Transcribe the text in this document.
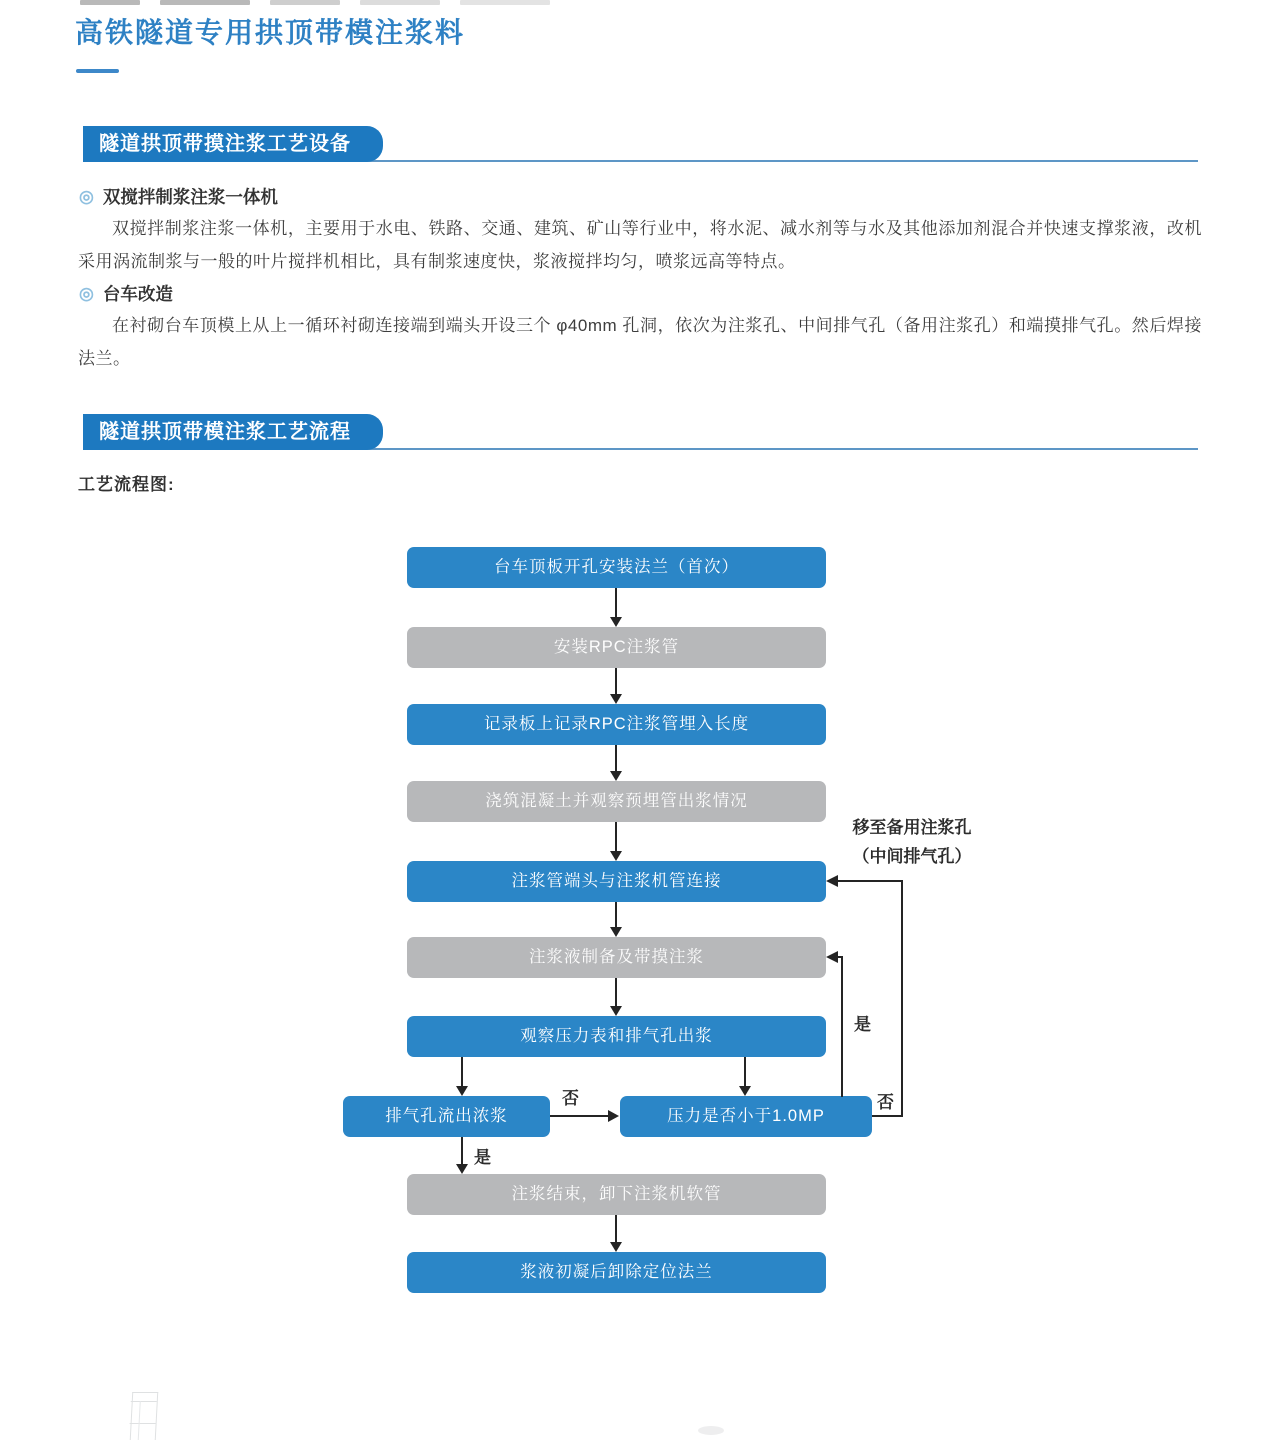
高铁隧道专用拱顶带模注浆料
隧道拱顶带摸注浆工艺设备
◎ 双搅拌制浆注浆一体机
双搅拌制浆注浆一体机，主要用于水电、铁路、交通、建筑、矿山等行业中，将水泥、减水剂等与水及其他添加剂混合并快速支撑浆液，改机采用涡流制浆与一般的叶片搅拌机相比，具有制浆速度快，浆液搅拌均匀，喷浆远高等特点。
◎ 台车改造
在衬砌台车顶模上从上一循环衬砌连接端到端头开设三个 φ40mm 孔洞，依次为注浆孔、中间排气孔（备用注浆孔）和端摸排气孔。然后焊接法兰。
隧道拱顶带模注浆工艺流程
工艺流程图:
台车顶板开孔安装法兰（首次）
安装RPC注浆管
记录板上记录RPC注浆管埋入长度
浇筑混凝土并观察预埋管出浆情况
注浆管端头与注浆机管连接
注浆液制备及带摸注浆
观察压力表和排气孔出浆
排气孔流出浓浆	压力是否小于1.0MP
注浆结束，卸下注浆机软管
浆液初凝后卸除定位法兰
否
是
是
否
移至备用注浆孔
（中间排气孔）
